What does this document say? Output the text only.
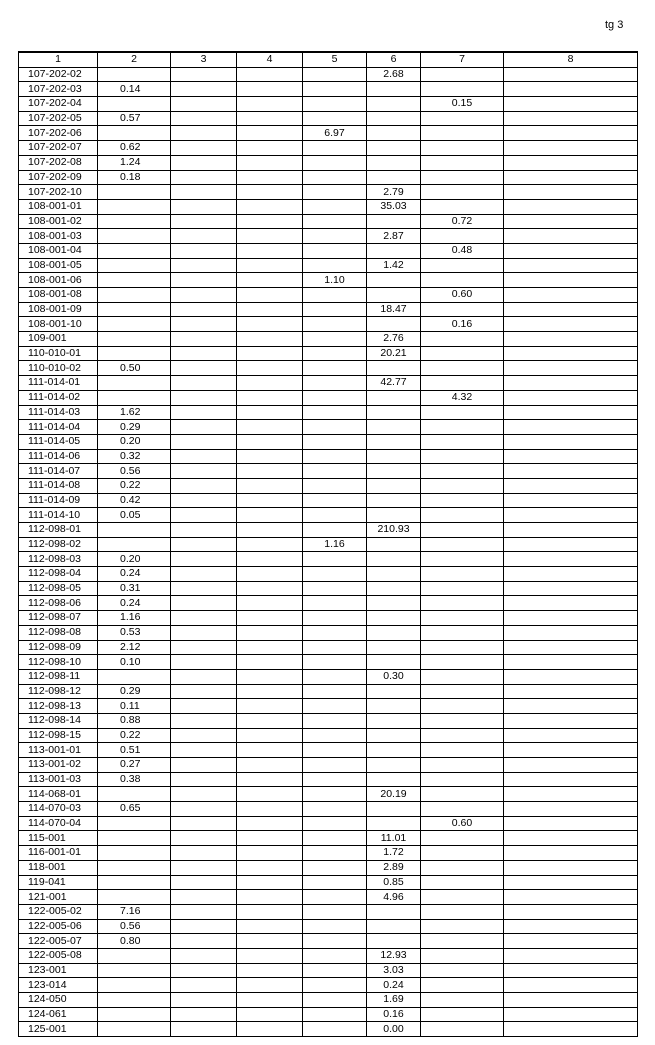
tg 3
1	2	3	4	5	6	7	8
107-202-02					2.68		
107-202-03	0.14						
107-202-04						0.15	
107-202-05	0.57						
107-202-06				6.97			
107-202-07	0.62						
107-202-08	1.24						
107-202-09	0.18						
107-202-10					2.79		
108-001-01					35.03		
108-001-02						0.72	
108-001-03					2.87		
108-001-04						0.48	
108-001-05					1.42		
108-001-06				1.10			
108-001-08						0.60	
108-001-09					18.47		
108-001-10						0.16	
109-001					2.76		
110-010-01					20.21		
110-010-02	0.50						
111-014-01					42.77		
111-014-02						4.32	
111-014-03	1.62						
111-014-04	0.29						
111-014-05	0.20						
111-014-06	0.32						
111-014-07	0.56						
111-014-08	0.22						
111-014-09	0.42						
111-014-10	0.05						
112-098-01					210.93		
112-098-02				1.16			
112-098-03	0.20						
112-098-04	0.24						
112-098-05	0.31						
112-098-06	0.24						
112-098-07	1.16						
112-098-08	0.53						
112-098-09	2.12						
112-098-10	0.10						
112-098-11					0.30		
112-098-12	0.29						
112-098-13	0.11						
112-098-14	0.88						
112-098-15	0.22						
113-001-01	0.51						
113-001-02	0.27						
113-001-03	0.38						
114-068-01					20.19		
114-070-03	0.65						
114-070-04						0.60	
115-001					11.01		
116-001-01					1.72		
118-001					2.89		
119-041					0.85		
121-001					4.96		
122-005-02	7.16						
122-005-06	0.56						
122-005-07	0.80						
122-005-08					12.93		
123-001					3.03		
123-014					0.24		
124-050					1.69		
124-061					0.16		
125-001					0.00		
